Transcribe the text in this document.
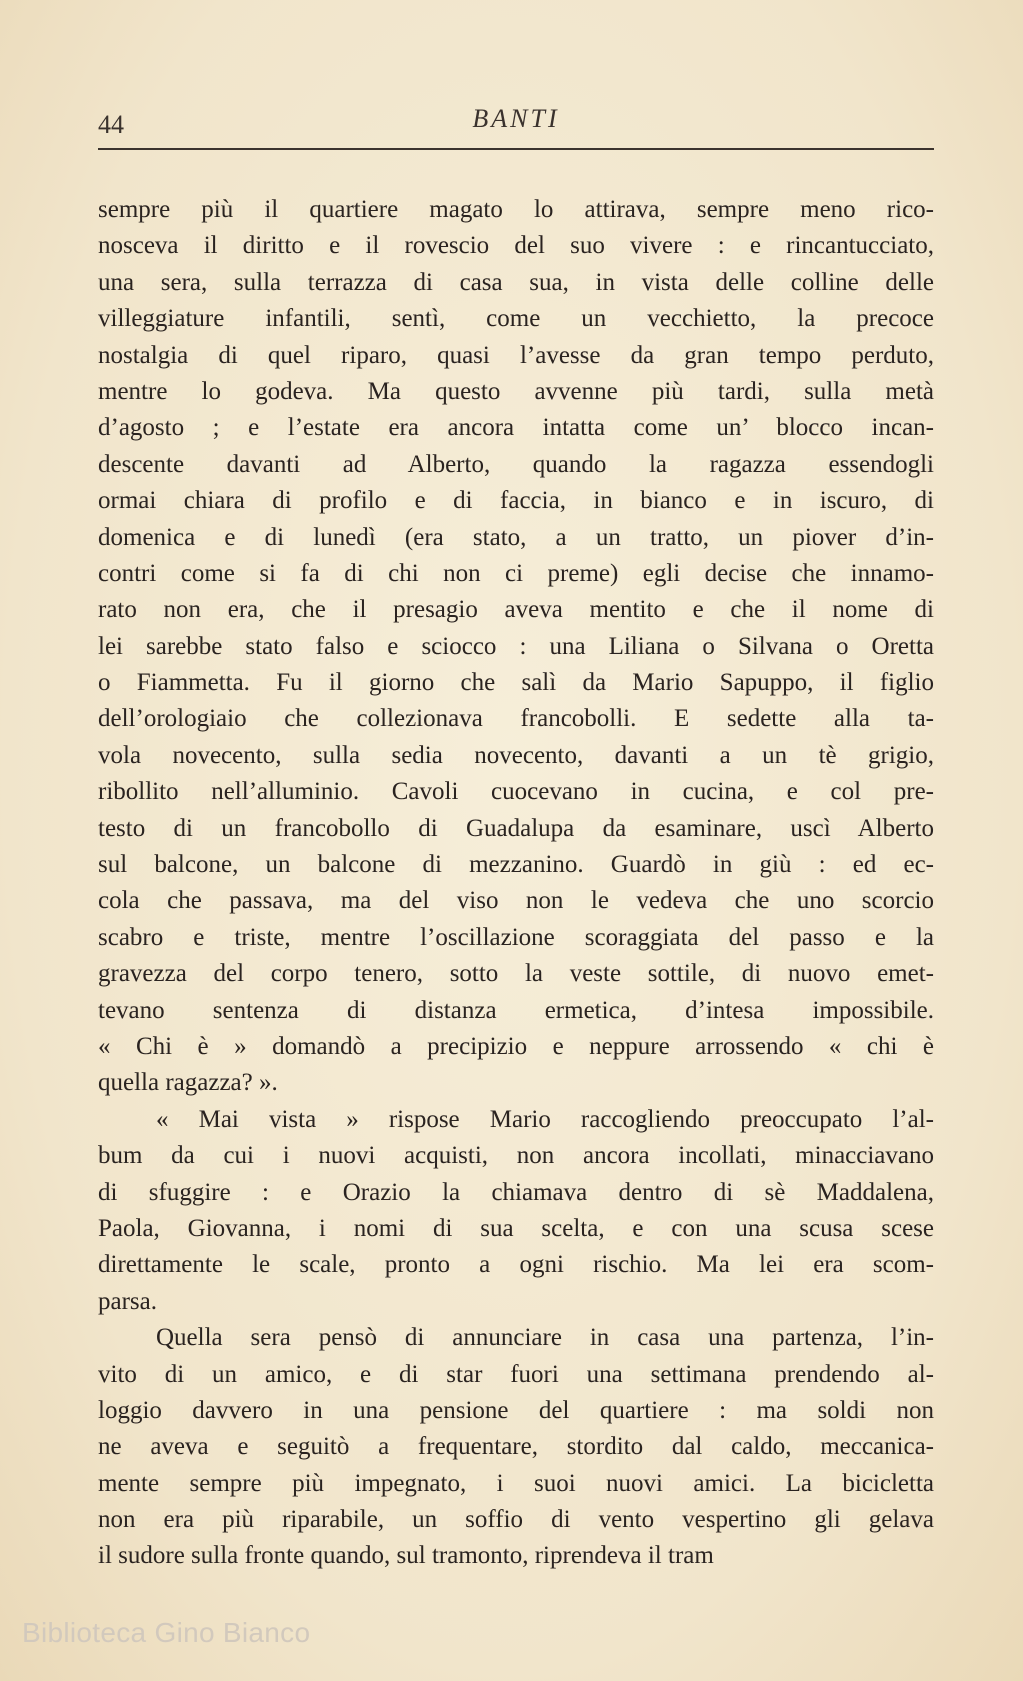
44	BANTI
sempre più il quartiere magato lo attirava, sempre meno rico-
nosceva il diritto e il rovescio del suo vivere : e rincantucciato,
una sera, sulla terrazza di casa sua, in vista delle colline delle
villeggiature infantili, sentì, come un vecchietto, la precoce
nostalgia di quel riparo, quasi l’avesse da gran tempo perduto,
mentre lo godeva. Ma questo avvenne più tardi, sulla metà
d’agosto ; e l’estate era ancora intatta come un’ blocco incan-
descente davanti ad Alberto, quando la ragazza essendogli
ormai chiara di profilo e di faccia, in bianco e in iscuro, di
domenica e di lunedì (era stato, a un tratto, un piover d’in-
contri come si fa di chi non ci preme) egli decise che innamo-
rato non era, che il presagio aveva mentito e che il nome di
lei sarebbe stato falso e sciocco : una Liliana o Silvana o Oretta
o Fiammetta. Fu il giorno che salì da Mario Sapuppo, il figlio
dell’orologiaio che collezionava francobolli. E sedette alla ta-
vola novecento, sulla sedia novecento, davanti a un tè grigio,
ribollito nell’alluminio. Cavoli cuocevano in cucina, e col pre-
testo di un francobollo di Guadalupa da esaminare, uscì Alberto
sul balcone, un balcone di mezzanino. Guardò in giù : ed ec-
cola che passava, ma del viso non le vedeva che uno scorcio
scabro e triste, mentre l’oscillazione scoraggiata del passo e la
gravezza del corpo tenero, sotto la veste sottile, di nuovo emet-
tevano sentenza di distanza ermetica, d’intesa impossibile.
« Chi è » domandò a precipizio e neppure arrossendo « chi è
quella ragazza? ».
« Mai vista » rispose Mario raccogliendo preoccupato l’al-
bum da cui i nuovi acquisti, non ancora incollati, minacciavano
di sfuggire : e Orazio la chiamava dentro di sè Maddalena,
Paola, Giovanna, i nomi di sua scelta, e con una scusa scese
direttamente le scale, pronto a ogni rischio. Ma lei era scom-
parsa.
Quella sera pensò di annunciare in casa una partenza, l’in-
vito di un amico, e di star fuori una settimana prendendo al-
loggio davvero in una pensione del quartiere : ma soldi non
ne aveva e seguitò a frequentare, stordito dal caldo, meccanica-
mente sempre più impegnato, i suoi nuovi amici. La bicicletta
non era più riparabile, un soffio di vento vespertino gli gelava
il sudore sulla fronte quando, sul tramonto, riprendeva il tram
Biblioteca Gino Bianco
